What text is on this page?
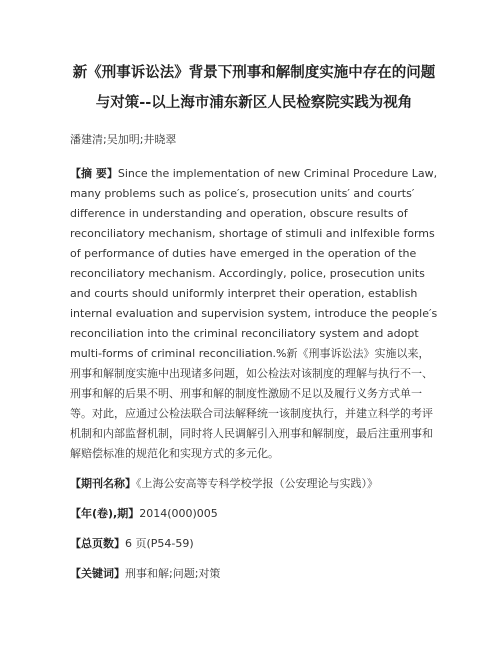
新《刑事诉讼法》背景下刑事和解制度实施中存在的问题与对策--以上海市浦东新区人民检察院实践为视角
潘建清;吴加明;井晓翠
【摘 要】Since the implementation of new Criminal Procedure Law, many problems such as police′s, prosecution units′ and courts′ difference in understanding and operation, obscure results of reconciliatory mechanism, shortage of stimuli and inlfexible forms of performance of duties have emerged in the operation of the reconciliatory mechanism. Accordingly, police, prosecution units and courts should uniformly interpret their operation, establish internal evaluation and supervision system, introduce the people′s reconciliation into the criminal reconciliatory system and adopt multi-forms of criminal reconciliation.%新《刑事诉讼法》实施以来，刑事和解制度实施中出现诸多问题，如公检法对该制度的理解与执行不一、刑事和解的后果不明、刑事和解的制度性激励不足以及履行义务方式单一等。对此，应通过公检法联合司法解释统一该制度执行，并建立科学的考评机制和内部监督机制，同时将人民调解引入刑事和解制度，最后注重刑事和解赔偿标准的规范化和实现方式的多元化。
【期刊名称】《上海公安高等专科学校学报（公安理论与实践）》
【年(卷),期】2014(000)005
【总页数】6 页(P54-59)
【关键词】刑事和解;问题;对策
